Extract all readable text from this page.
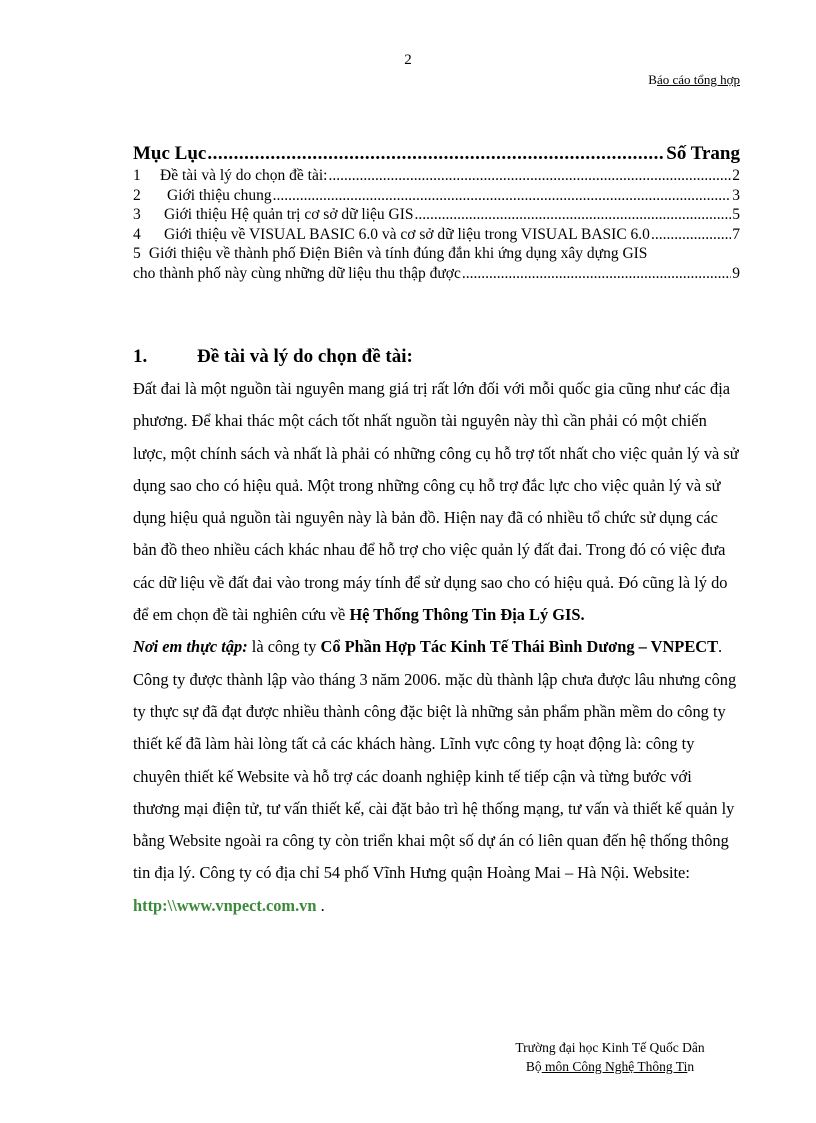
2
Báo cáo tổng hợp
Mục Lục .....	Số Trang
1	Đề tài và lý do chọn đề tài: .....	2
2	Giới thiệu chung .....	3
3	Giới thiệu Hệ quản trị cơ sở dữ liệu GIS .....	5
4	Giới thiệu về VISUAL BASIC 6.0 và cơ sở dữ liệu trong VISUAL BASIC 6.0 .....	7
5 Giới thiệu về thành phố Điện Biên và tính đúng đắn khi ứng dụng xây dựng GIS
cho thành phố này cùng những dữ liệu thu thập được .....	9
1.	Đề tài và lý do chọn đề tài:

Đất đai là một nguồn tài nguyên mang giá trị rất lớn đối với mỗi quốc gia cũng như các địa phương. Để khai thác một cách tốt nhất nguồn tài nguyên này thì cần phải có một chiến lược, một chính sách và nhất là phải có những công cụ hỗ trợ tốt nhất cho việc quản lý và sử dụng sao cho có hiệu quả. Một trong những công cụ hỗ trợ đắc lực cho việc quản lý và sử dụng hiệu quả nguồn tài nguyên này là bản đồ. Hiện nay đã có nhiều tổ chức sử dụng các bản đồ theo nhiều cách khác nhau để hỗ trợ cho việc quản lý đất đai. Trong đó có việc đưa các dữ liệu về đất đai vào trong máy tính để sử dụng sao cho có hiệu quả. Đó cũng là lý do để em chọn đề tài nghiên cứu về Hệ Thống Thông Tin Địa Lý GIS.

Nơi em thực tập: là công ty Cổ Phần Hợp Tác Kinh Tế Thái Bình Dương – VNPECT. Công ty được thành lập vào tháng 3 năm 2006. mặc dù thành lập chưa được lâu nhưng công ty thực sự đã đạt được nhiều thành công đặc biệt là những sản phẩm phần mềm do công ty thiết kế đã làm hài lòng tất cả các khách hàng. Lĩnh vực công ty hoạt động là: công ty chuyên thiết kế Website và hỗ trợ các doanh nghiệp kinh tế tiếp cận và từng bước với thương mại điện tử, tư vấn thiết kế, cài đặt bảo trì hệ thống mạng, tư vấn và thiết kế quản ly bằng Website ngoài ra công ty còn triển khai một số dự án có liên quan đến hệ thống thông tin địa lý. Công ty có địa chỉ 54 phố Vĩnh Hưng quận Hoàng Mai – Hà Nội. Website: http:\\www.vnpect.com.vn .

Trường đại học Kinh Tế Quốc Dân
Bộ môn Công Nghệ Thông Tin
